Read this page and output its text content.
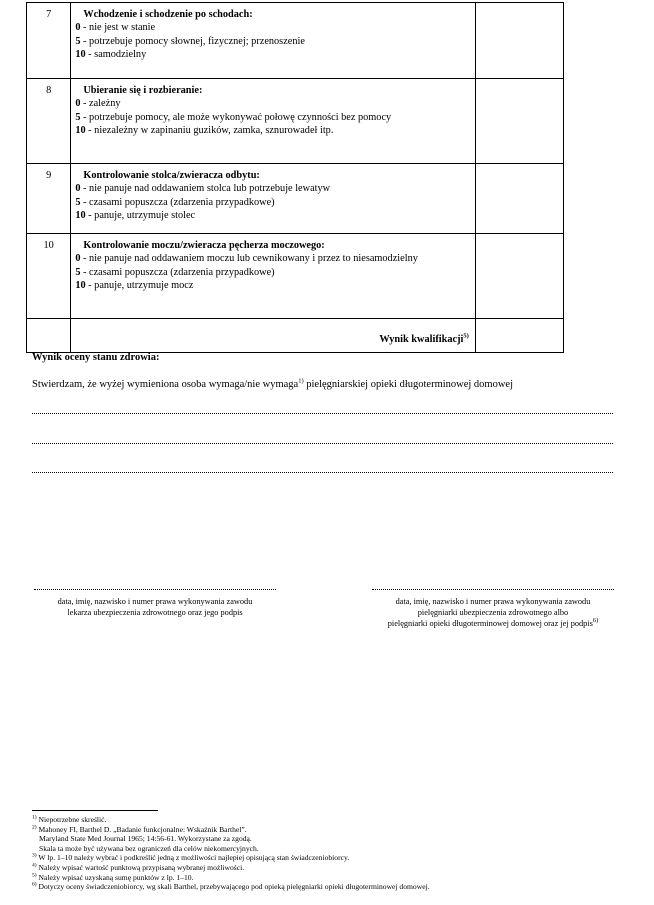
7	Wchodzenie i schodzenie po schodach:
0 - nie jest w stanie
5 - potrzebuje pomocy słownej, fizycznej; przenoszenie
10 - samodzielny	

8	Ubieranie się i rozbieranie:
0 - zależny
5 - potrzebuje pomocy, ale może wykonywać połowę czynności bez pomocy
10 - niezależny w zapinaniu guzików, zamka, sznurowadeł itp.	

9	Kontrolowanie stolca/zwieracza odbytu:
0 - nie panuje nad oddawaniem stolca lub potrzebuje lewatyw
5 - czasami popuszcza (zdarzenia przypadkowe)
10 - panuje, utrzymuje stolec	

10	Kontrolowanie moczu/zwieracza pęcherza moczowego:
0 - nie panuje nad oddawaniem moczu lub cewnikowany i przez to niesamodzielny
5 - czasami popuszcza (zdarzenia przypadkowe)
10 - panuje, utrzymuje mocz	

	Wynik kwalifikacji$^{5)}$	
Wynik oceny stanu zdrowia:
Stwierdzam, że wyżej wymieniona osoba wymaga/nie wymaga$^{1)}$ pielęgniarskiej opieki długoterminowej domowej
data, imię, nazwisko i numer prawa wykonywania zawodu
lekarza ubezpieczenia zdrowotnego oraz jego podpis
data, imię, nazwisko i numer prawa wykonywania zawodu
pielęgniarki ubezpieczenia zdrowotnego albo
pielęgniarki opieki długoterminowej domowej oraz jej podpis$^{6)}$
$^{1)}$ Niepotrzebne skreślić.
$^{2)}$ Mahoney FI, Barthel D. „Badanie funkcjonalne: Wskaźnik Barthel”.
Maryland State Med Journal 1965; 14:56-61. Wykorzystane za zgodą.
Skala ta może być używana bez ograniczeń dla celów niekomercyjnych.
$^{3)}$ W lp. 1–10 należy wybrać i podkreślić jedną z możliwości najlepiej opisującą stan świadczeniobiorcy.
$^{4)}$ Należy wpisać wartość punktową przypisaną wybranej możliwości.
$^{5)}$ Należy wpisać uzyskaną sumę punktów z lp. 1–10.
$^{6)}$ Dotyczy oceny świadczeniobiorcy, wg skali Barthel, przebywającego pod opieką pielęgniarki opieki długoterminowej domowej.
